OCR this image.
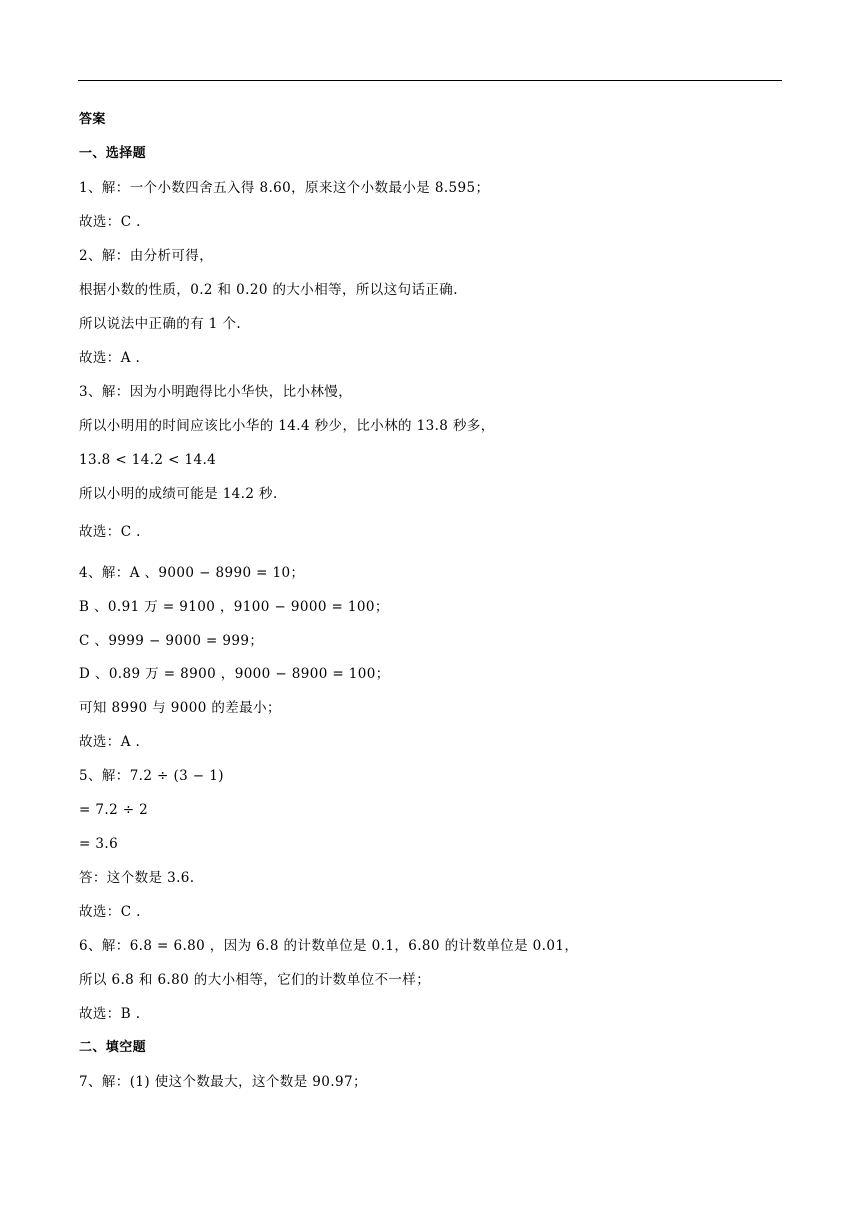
答案
一、选择题
1、解：一个小数四舍五入得 8.60，原来这个小数最小是 8.595；
故选：C .
2、解：由分析可得，
根据小数的性质，0.2 和 0.20 的大小相等，所以这句话正确.
所以说法中正确的有 1 个.
故选：A .
3、解：因为小明跑得比小华快，比小林慢，
所以小明用的时间应该比小华的 14.4 秒少，比小林的 13.8 秒多，
13.8 < 14.2 < 14.4
所以小明的成绩可能是 14.2 秒.
故选：C .
4、解：A 、9000 − 8990 = 10；
B 、0.91 万 = 9100 ，9100 − 9000 = 100；
C 、9999 − 9000 = 999；
D 、0.89 万 = 8900 ，9000 − 8900 = 100；
可知 8990 与 9000 的差最小；
故选：A .
5、解：7.2 ÷ (3 − 1)
= 7.2 ÷ 2
= 3.6
答：这个数是 3.6.
故选：C .
6、解：6.8 = 6.80 ，因为 6.8 的计数单位是 0.1，6.80 的计数单位是 0.01，
所以 6.8 和 6.80 的大小相等，它们的计数单位不一样；
故选：B .
二、填空题
7、解：(1) 使这个数最大，这个数是 90.97；
